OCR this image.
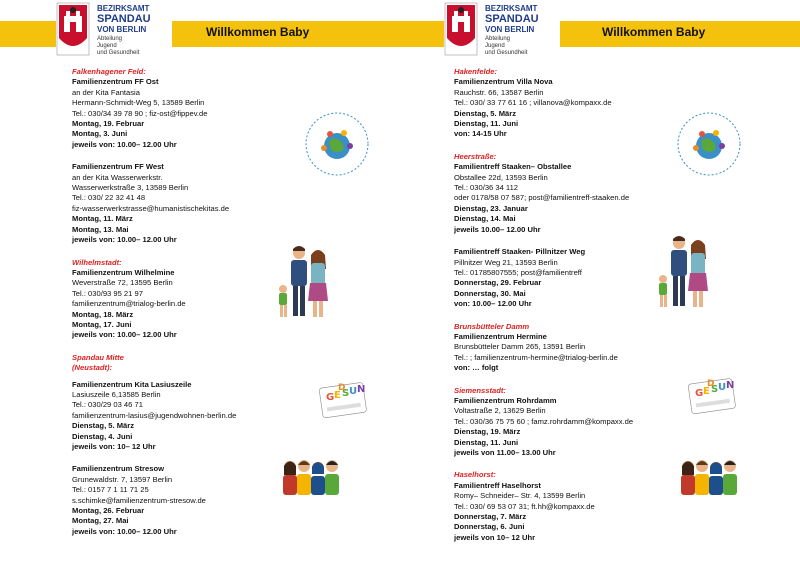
BEZIRKSAMT
SPANDAU
VON BERLIN
Abteilung
Jugend
und Gesundheit
Willkommen Baby
Falkenhagener Feld:
Familienzentrum FF Ost
an der Kita Fantasia
Hermann-Schmidt-Weg 5, 13589 Berlin
Tel.: 030/34 39 78 90 ; fiz-ost@fippev.de
Montag, 19. Februar
Montag, 3. Juni
jeweils von: 10.00– 12.00 Uhr
Familienzentrum FF West
an der Kita Wasserwerkstr.
Wasserwerkstraße 3, 13589 Berlin
Tel.: 030/ 22 32 41 48
fiz-wasserwerkstrasse@humanistischekitas.de
Montag, 11. März
Montag, 13. Mai
jeweils von: 10.00– 12.00 Uhr
Wilhelmstadt:
Familienzentrum Wilhelmine
Weverstraße 72, 13595 Berlin
Tel.: 030/93 95 21 97
familienzentrum@trialog-berlin.de
Montag, 18. März
Montag, 17. Juni
jeweils von: 10.00– 12.00 Uhr
Spandau Mitte
(Neustadt):
Familienzentrum Kita Lasiuszeile
Lasiuszeile 6,13585 Berlin
Tel.: 030/29 03 46 71
familienzentrum-lasius@jugendwohnen-berlin.de
Dienstag, 5. März
Dienstag, 4. Juni
jeweils von: 10– 12 Uhr
Familienzentrum Stresow
Grunewaldstr. 7, 13597 Berlin
Tel.: 0157 7 1 11 71 25
s.schimke@familienzentrum-stresow.de
Montag, 26. Februar
Montag, 27. Mai
jeweils von: 10.00– 12.00 Uhr
G E S U N
D
BEZIRKSAMT
SPANDAU
VON BERLIN
Abteilung
Jugend
und Gesundheit
Willkommen Baby
Hakenfelde:
Familienzentrum Villa Nova
Rauchstr. 66, 13587 Berlin
Tel.: 030/ 33 77 61 16 ; villanova@kompaxx.de
Dienstag, 5. März
Dienstag, 11. Juni
von: 14-15 Uhr
Heerstraße:
Familientreff Staaken– Obstallee
Obstallee 22d, 13593 Berlin
Tel.: 030/36 34 112
oder 0178/58 07 587; post@familientreff-staaken.de
Dienstag, 23. Januar
Dienstag, 14. Mai
jeweils 10.00– 12.00 Uhr
Familientreff Staaken- Pillnitzer Weg
Pillnitzer Weg 21, 13593 Berlin
Tel.: 01785807555; post@familientreff
Donnerstag, 29. Februar
Donnerstag, 30. Mai
von: 10.00– 12.00 Uhr
Brunsbütteler Damm
Familienzentrum Hermine
Brunsbütteler Damm 265, 13591 Berlin
Tel.: ; familienzentrum-hermine@trialog-berlin.de
von: … folgt
Siemensstadt:
Familienzentrum Rohrdamm
Voltastraße 2, 13629 Berlin
Tel.: 030/36 75 75 60 ; famz.rohrdamm@kompaxx.de
Dienstag, 19. März
Dienstag, 11. Juni
jeweils von 11.00– 13.00 Uhr
Haselhorst:
Familientreff Haselhorst
Romy– Schneider– Str. 4, 13599 Berlin
Tel.: 030/ 69 53 07 31; ft.hh@kompaxx.de
Donnerstag, 7. März
Donnerstag, 6. Juni
jeweils von 10– 12 Uhr
G E S U N
D
